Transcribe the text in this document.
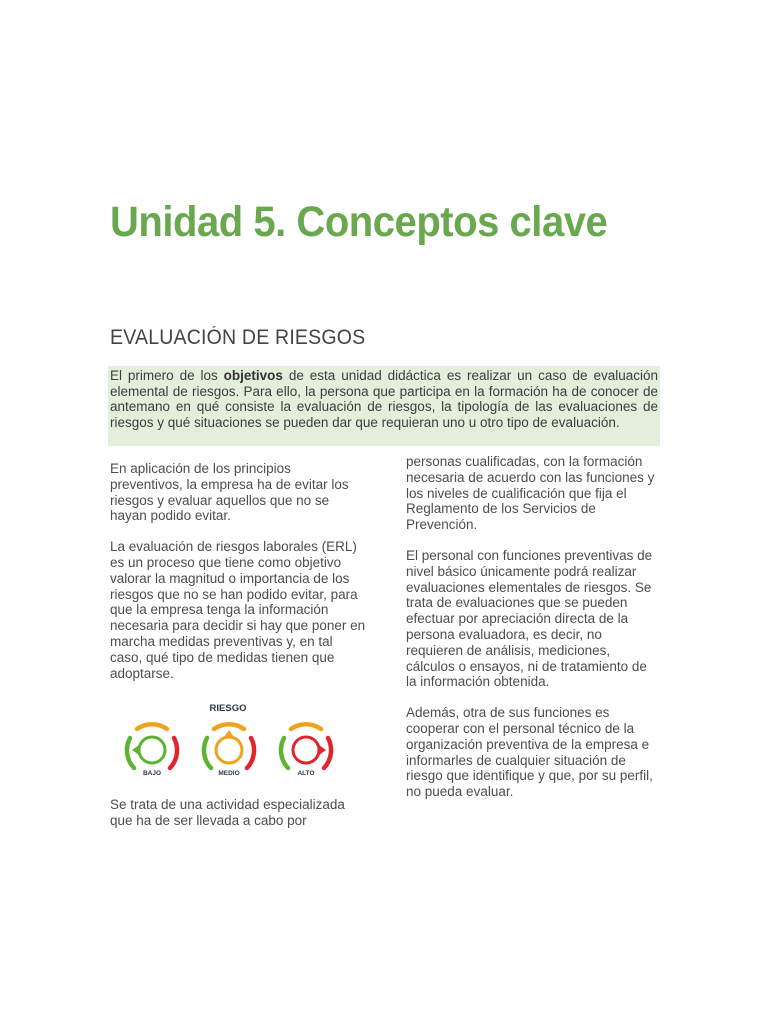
Unidad 5. Conceptos clave
EVALUACIÓN DE RIESGOS
El primero de los objetivos de esta unidad didáctica es realizar un caso de evaluación elemental de riesgos. Para ello, la persona que participa en la formación ha de conocer de antemano en qué consiste la evaluación de riesgos, la tipología de las evaluaciones de riesgos y qué situaciones se pueden dar que requieran uno u otro tipo de evaluación.

En aplicación de los principios preventivos, la empresa ha de evitar los riesgos y evaluar aquellos que no se hayan podido evitar.

La evaluación de riesgos laborales (ERL) es un proceso que tiene como objetivo valorar la magnitud o importancia de los riesgos que no se han podido evitar, para que la empresa tenga la información necesaria para decidir si hay que poner en marcha medidas preventivas y, en tal caso, qué tipo de medidas tienen que adoptarse.

RIESGO
BAJO	MEDIO	ALTO
Se trata de una actividad especializada que ha de ser llevada a cabo por

personas cualificadas, con la formación necesaria de acuerdo con las funciones y los niveles de cualificación que fija el Reglamento de los Servicios de Prevención.

El personal con funciones preventivas de nivel básico únicamente podrá realizar evaluaciones elementales de riesgos. Se trata de evaluaciones que se pueden efectuar por apreciación directa de la persona evaluadora, es decir, no requieren de análisis, mediciones, cálculos o ensayos, ni de tratamiento de la información obtenida.

Además, otra de sus funciones es cooperar con el personal técnico de la organización preventiva de la empresa e informarles de cualquier situación de riesgo que identifique y que, por su perfil, no pueda evaluar.
